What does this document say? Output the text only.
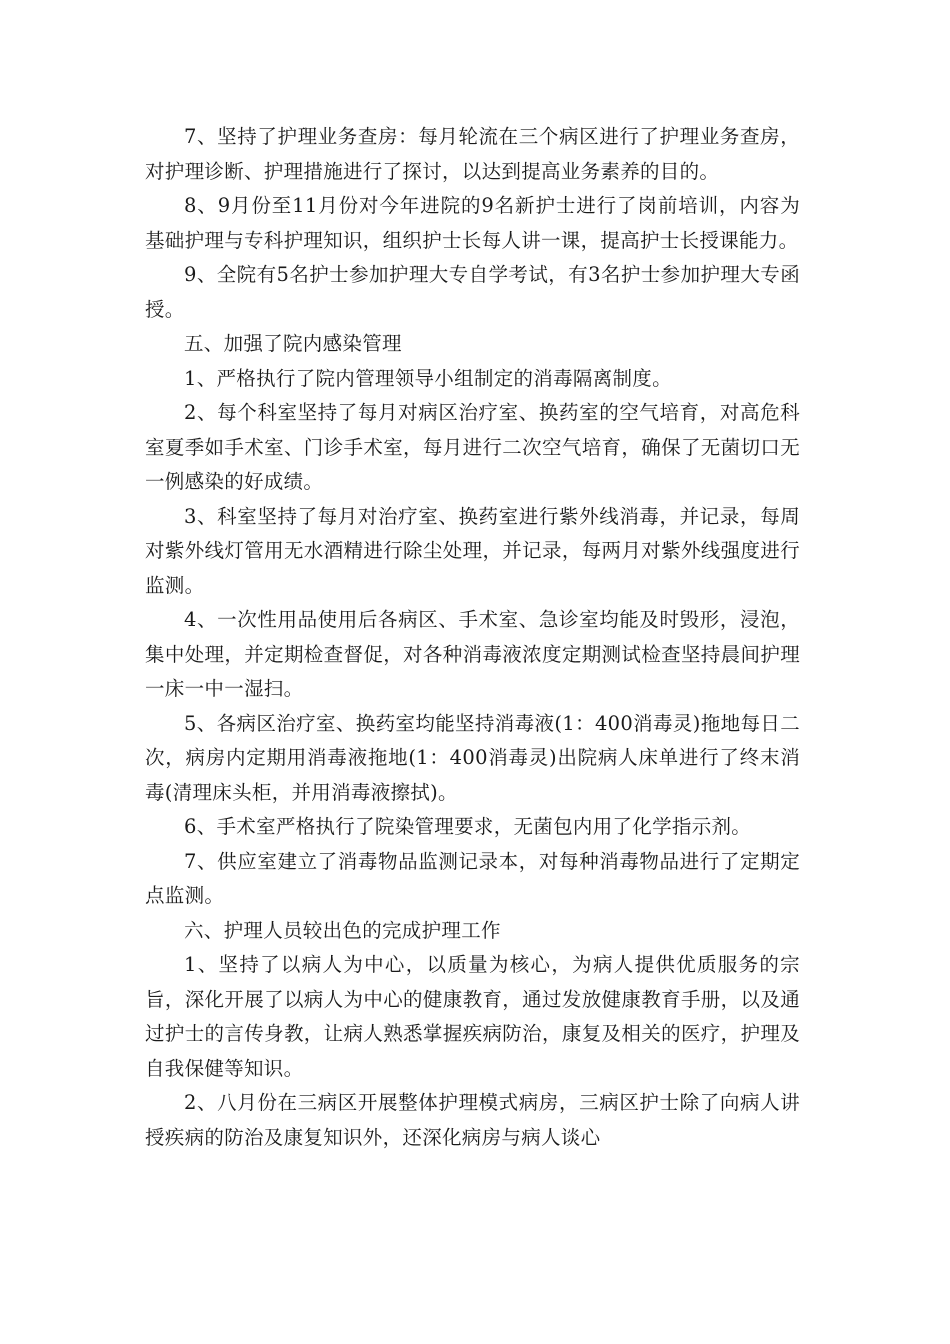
7、坚持了护理业务查房：每月轮流在三个病区进行了护理业务查房，对护理诊断、护理措施进行了探讨，以达到提高业务素养的目的。

8、9月份至11月份对今年进院的9名新护士进行了岗前培训，内容为基础护理与专科护理知识，组织护士长每人讲一课，提高护士长授课能力。

9、全院有5名护士参加护理大专自学考试，有3名护士参加护理大专函授。

五、加强了院内感染管理

1、严格执行了院内管理领导小组制定的消毒隔离制度。

2、每个科室坚持了每月对病区治疗室、换药室的空气培育，对高危科室夏季如手术室、门诊手术室，每月进行二次空气培育，确保了无菌切口无一例感染的好成绩。

3、科室坚持了每月对治疗室、换药室进行紫外线消毒，并记录，每周对紫外线灯管用无水酒精进行除尘处理，并记录，每两月对紫外线强度进行监测。

4、一次性用品使用后各病区、手术室、急诊室均能及时毁形，浸泡，集中处理，并定期检查督促，对各种消毒液浓度定期测试检查坚持晨间护理一床一中一湿扫。

5、各病区治疗室、换药室均能坚持消毒液(1：400消毒灵)拖地每日二次，病房内定期用消毒液拖地(1：400消毒灵)出院病人床单进行了终末消毒(清理床头柜，并用消毒液擦拭)。

6、手术室严格执行了院染管理要求，无菌包内用了化学指示剂。

7、供应室建立了消毒物品监测记录本，对每种消毒物品进行了定期定点监测。

六、护理人员较出色的完成护理工作

1、坚持了以病人为中心，以质量为核心，为病人提供优质服务的宗旨，深化开展了以病人为中心的健康教育，通过发放健康教育手册，以及通过护士的言传身教，让病人熟悉掌握疾病防治，康复及相关的医疗，护理及自我保健等知识。

2、八月份在三病区开展整体护理模式病房，三病区护士除了向病人讲授疾病的防治及康复知识外，还深化病房与病人谈心
